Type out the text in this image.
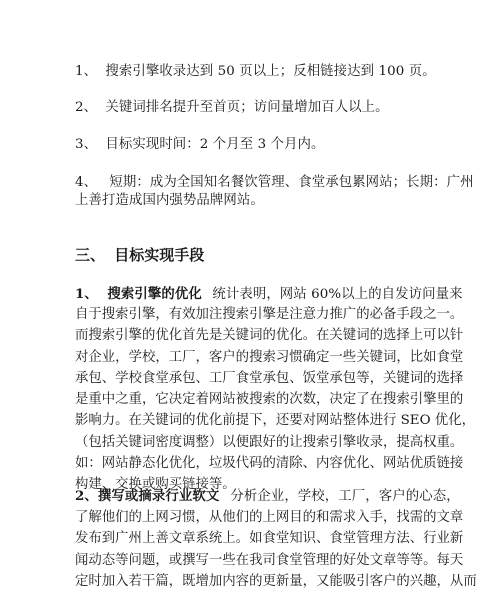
1、 搜索引擎收录达到 50 页以上；反相链接达到 100 页。
2、 关键词排名提升至首页；访问量增加百人以上。
3、 目标实现时间：2 个月至 3 个月内。
4、 短期：成为全国知名餐饮管理、食堂承包累网站；长期：广州
上善打造成国内强势品牌网站。
三、 目标实现手段
1、  搜索引擎的优化 统计表明，网站 60%以上的自发访问量来

自于搜索引擎，有效加注搜索引擎是注意力推广的必备手段之一。

而搜索引擎的优化首先是关键词的优化。在关键词的选择上可以针

对企业，学校，工厂，客户的搜索习惯确定一些关键词，比如食堂

承包、学校食堂承包、工厂食堂承包、饭堂承包等，关键词的选择

是重中之重，它决定着网站被搜索的次数，决定了在搜索引擎里的

影响力。在关键词的优化前提下，还要对网站整体进行 SEO 优化，

（包括关键词密度调整）以便跟好的让搜索引擎收录，提高权重。

如：网站静态化优化，垃圾代码的清除、内容优化、网站优质链接

构建、交换或购买链接等。

2、撰写或摘录行业软文 分析企业，学校，工厂，客户的心态，

了解他们的上网习惯，从他们的上网目的和需求入手，找需的文章

发布到广州上善文章系统上。如食堂知识、食堂管理方法、行业新

闻动态等问题，或撰写一些在我司食堂管理的好处文章等等。每天

定时加入若干篇，既增加内容的更新量，又能吸引客户的兴趣，从而
